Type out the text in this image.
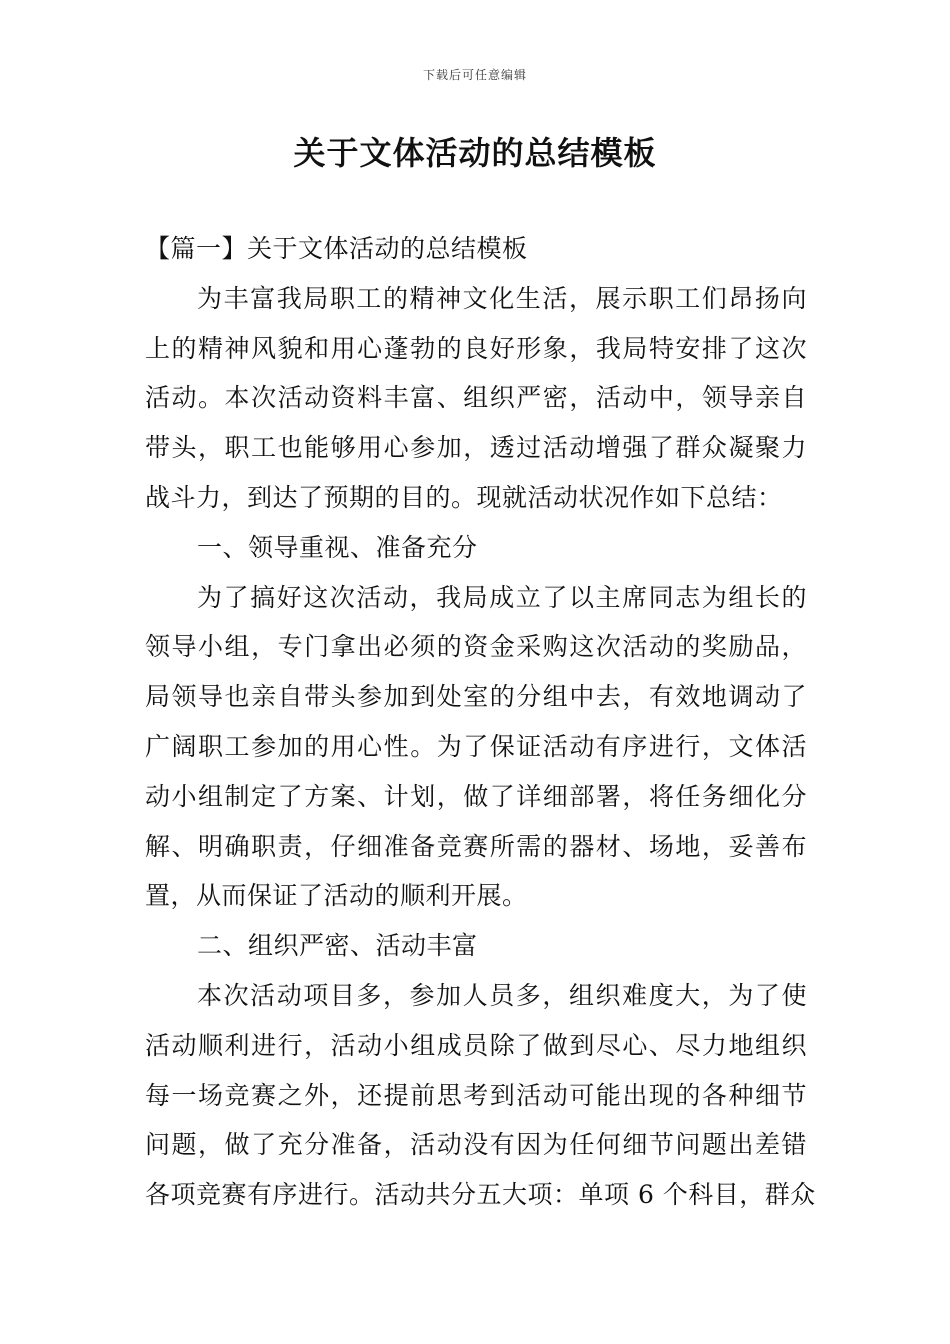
下载后可任意编辑
关于文体活动的总结模板
【篇一】关于文体活动的总结模板
为丰富我局职工的精神文化生活，展示职工们昂扬向
上的精神风貌和用心蓬勃的良好形象，我局特安排了这次
活动。本次活动资料丰富、组织严密，活动中，领导亲自
带头，职工也能够用心参加，透过活动增强了群众凝聚力
战斗力，到达了预期的目的。现就活动状况作如下总结：
一、领导重视、准备充分
为了搞好这次活动，我局成立了以主席同志为组长的
领导小组，专门拿出必须的资金采购这次活动的奖励品，
局领导也亲自带头参加到处室的分组中去，有效地调动了
广阔职工参加的用心性。为了保证活动有序进行，文体活
动小组制定了方案、计划，做了详细部署，将任务细化分
解、明确职责，仔细准备竞赛所需的器材、场地，妥善布
置，从而保证了活动的顺利开展。
二、组织严密、活动丰富
本次活动项目多，参加人员多，组织难度大，为了使
活动顺利进行，活动小组成员除了做到尽心、尽力地组织
每一场竞赛之外，还提前思考到活动可能出现的各种细节
问题，做了充分准备，活动没有因为任何细节问题出差错
各项竞赛有序进行。活动共分五大项：单项 6 个科目，群众
